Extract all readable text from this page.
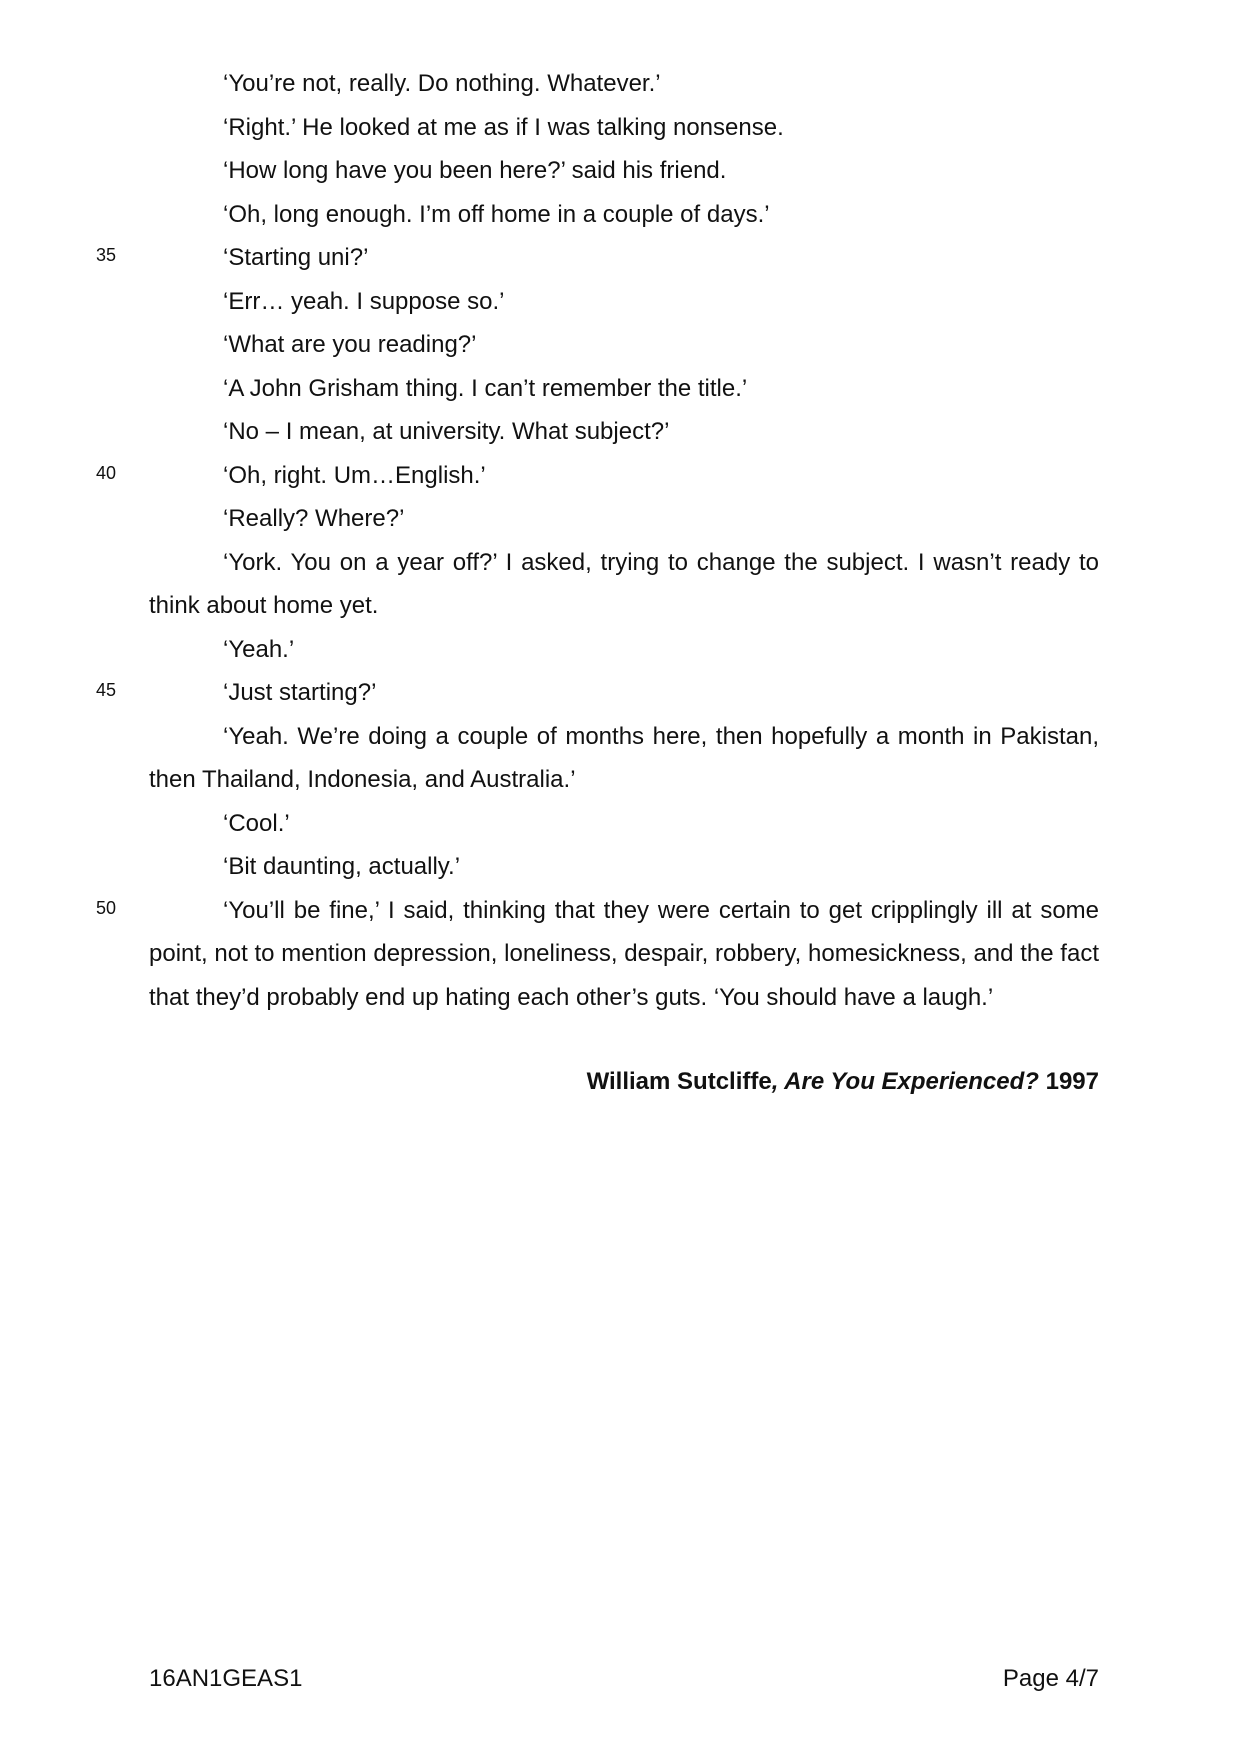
‘You’re not, really. Do nothing. Whatever.’

‘Right.’ He looked at me as if I was talking nonsense.

‘How long have you been here?’ said his friend.

‘Oh, long enough. I’m off home in a couple of days.’

35	‘Starting uni?’

‘Err… yeah. I suppose so.’

‘What are you reading?’

‘A John Grisham thing. I can’t remember the title.’

‘No – I mean, at university. What subject?’

40	‘Oh, right. Um…English.’

‘Really? Where?’

‘York. You on a year off?’ I asked, trying to change the subject. I wasn’t ready to think about home yet.

‘Yeah.’

45	‘Just starting?’

‘Yeah. We’re doing a couple of months here, then hopefully a month in Pakistan, then Thailand, Indonesia, and Australia.’

‘Cool.’

‘Bit daunting, actually.’

50	‘You’ll be fine,’ I said, thinking that they were certain to get cripplingly ill at some point, not to mention depression, loneliness, despair, robbery, homesickness, and the fact that they’d probably end up hating each other’s guts. ‘You should have a laugh.’

William Sutcliffe, Are You Experienced? 1997
16AN1GEAS1	Page 4/7
